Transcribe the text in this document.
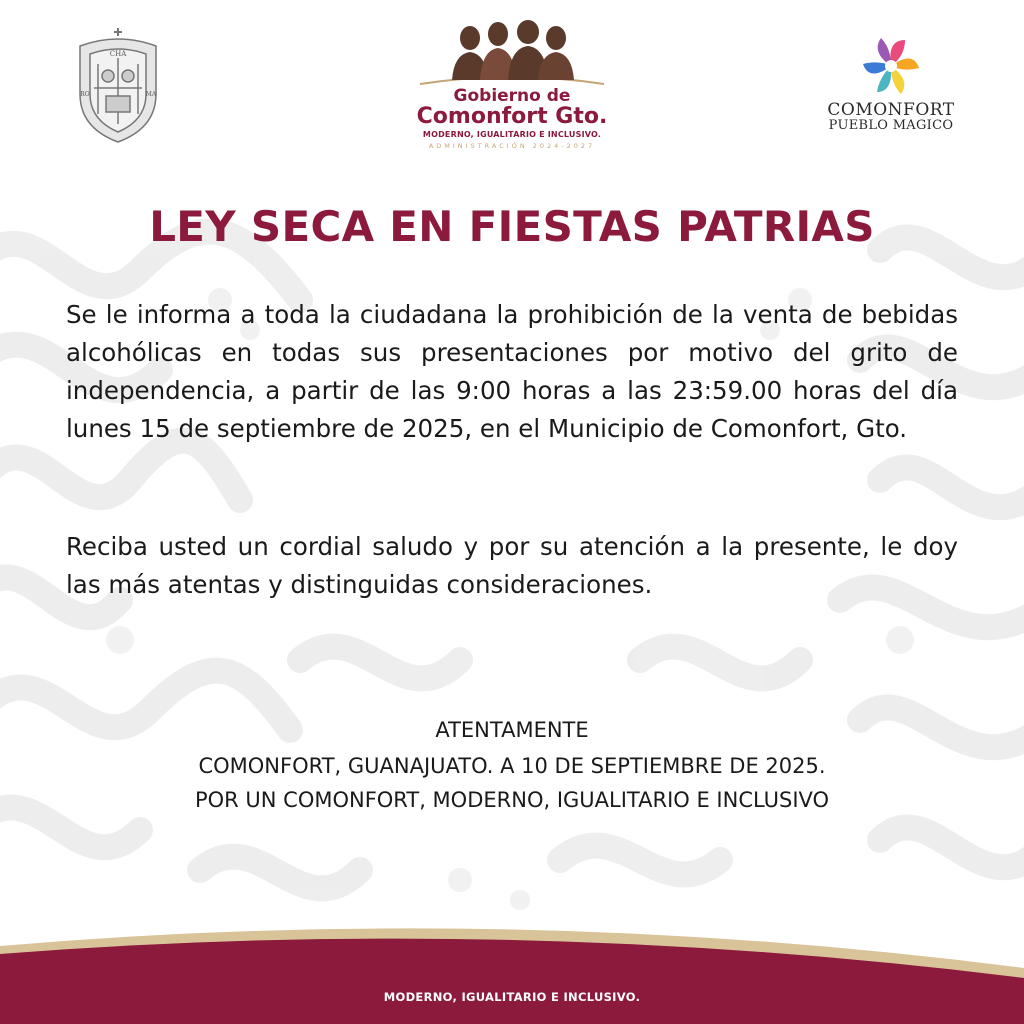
CHA
RO	MA	Gobierno de
Comonfort Gto.
MODERNO, IGUALITARIO E INCLUSIVO.
ADMINISTRACIÓN 2024-2027
COMONFORT
PUEBLO MAGICO
LEY SECA EN FIESTAS PATRIAS

Se le informa a toda la ciudadana la prohibición de la venta de bebidas alcohólicas en todas sus presentaciones por motivo del grito de independencia, a partir de las 9:00 horas a las 23:59.00 horas del día lunes 15 de septiembre de 2025, en el Municipio de Comonfort, Gto.

Reciba usted un cordial saludo y por su atención a la presente, le doy las más atentas y distinguidas consideraciones.

ATENTAMENTE
COMONFORT, GUANAJUATO. A 10 DE SEPTIEMBRE DE 2025.
POR UN COMONFORT, MODERNO, IGUALITARIO E INCLUSIVO
MODERNO, IGUALITARIO E INCLUSIVO.
